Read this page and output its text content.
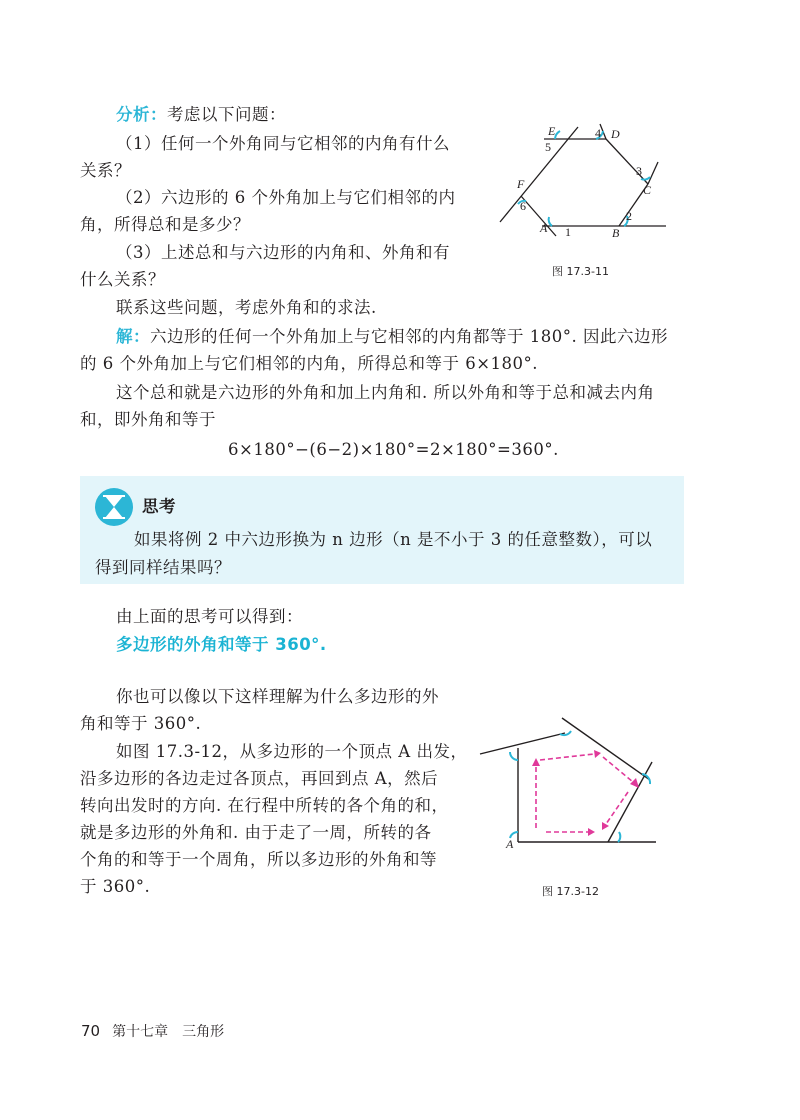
分析：考虑以下问题：
（1）任何一个外角同与它相邻的内角有什么
关系？
（2）六边形的 6 个外角加上与它们相邻的内
角，所得总和是多少？
（3）上述总和与六边形的内角和、外角和有
什么关系？
联系这些问题，考虑外角和的求法.
E	D
C
B
A
F
1
2
3
4
5
6
图 17.3-11
解：六边形的任何一个外角加上与它相邻的内角都等于 180°. 因此六边形
的 6 个外角加上与它们相邻的内角，所得总和等于 6×180°.
这个总和就是六边形的外角和加上内角和. 所以外角和等于总和减去内角
和，即外角和等于
6×180°−(6−2)×180°=2×180°=360°.
思考
如果将例 2 中六边形换为 n 边形（n 是不小于 3 的任意整数），可以
得到同样结果吗？
由上面的思考可以得到：
多边形的外角和等于 360°.
你也可以像以下这样理解为什么多边形的外
角和等于 360°.
如图 17.3-12，从多边形的一个顶点 A 出发，
沿多边形的各边走过各顶点，再回到点 A，然后
转向出发时的方向. 在行程中所转的各个角的和，
就是多边形的外角和. 由于走了一周，所转的各
个角的和等于一个周角，所以多边形的外角和等
于 360°.
A
图 17.3-12
70 第十七章　三角形
